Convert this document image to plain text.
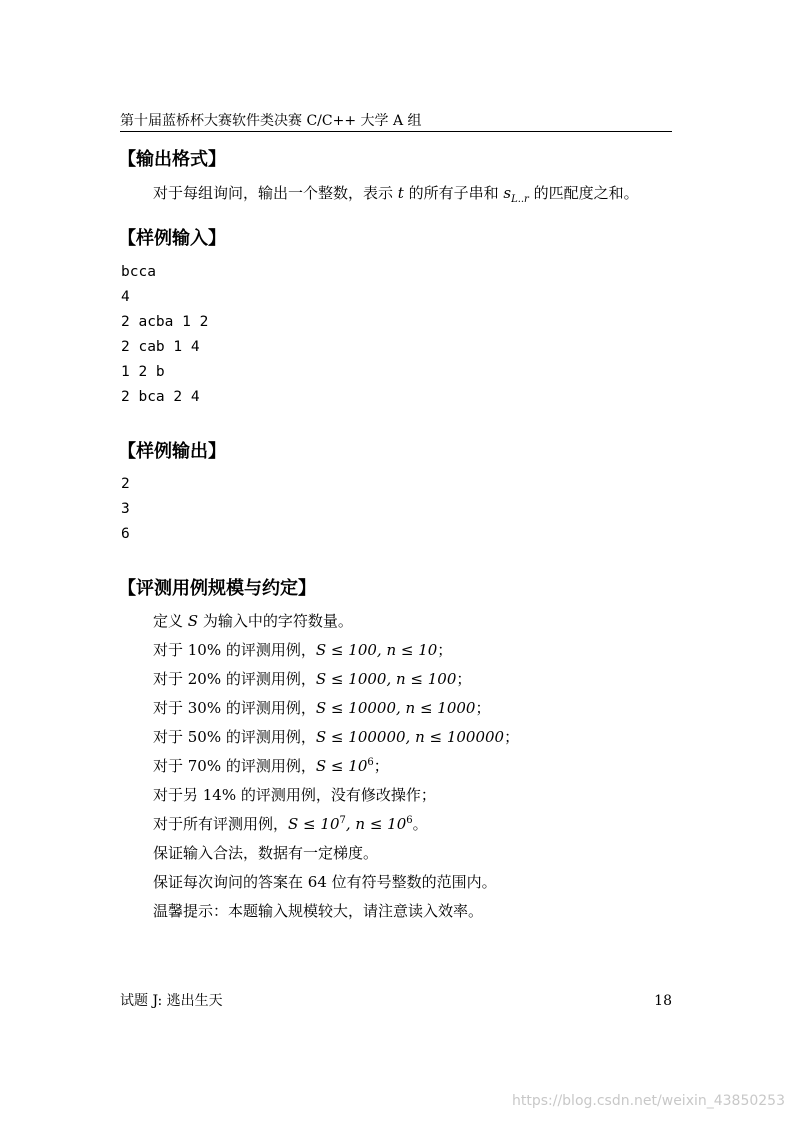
第十届蓝桥杯大赛软件类决赛 C/C++ 大学 A 组
【输出格式】
对于每组询问，输出一个整数，表示 t 的所有子串和 $s_{L..r}$ 的匹配度之和。
【样例输入】
bcca
4
2 acba 1 2
2 cab 1 4
1 2 b
2 bca 2 4
【样例输出】
2
3
6
【评测用例规模与约定】
定义 S 为输入中的字符数量。
对于 10% 的评测用例，S ≤ 100, n ≤ 10；
对于 20% 的评测用例，S ≤ 1000, n ≤ 100；
对于 30% 的评测用例，S ≤ 10000, n ≤ 1000；
对于 50% 的评测用例，S ≤ 100000, n ≤ 100000；
对于 70% 的评测用例，$S \le 10^6$；
对于另 14% 的评测用例，没有修改操作；
对于所有评测用例，$S \le 10^7$, $n \le 10^6$。
保证输入合法，数据有一定梯度。
保证每次询问的答案在 64 位有符号整数的范围内。
温馨提示：本题输入规模较大，请注意读入效率。
试题 J: 逃出生天	18
https://blog.csdn.net/weixin_43850253
